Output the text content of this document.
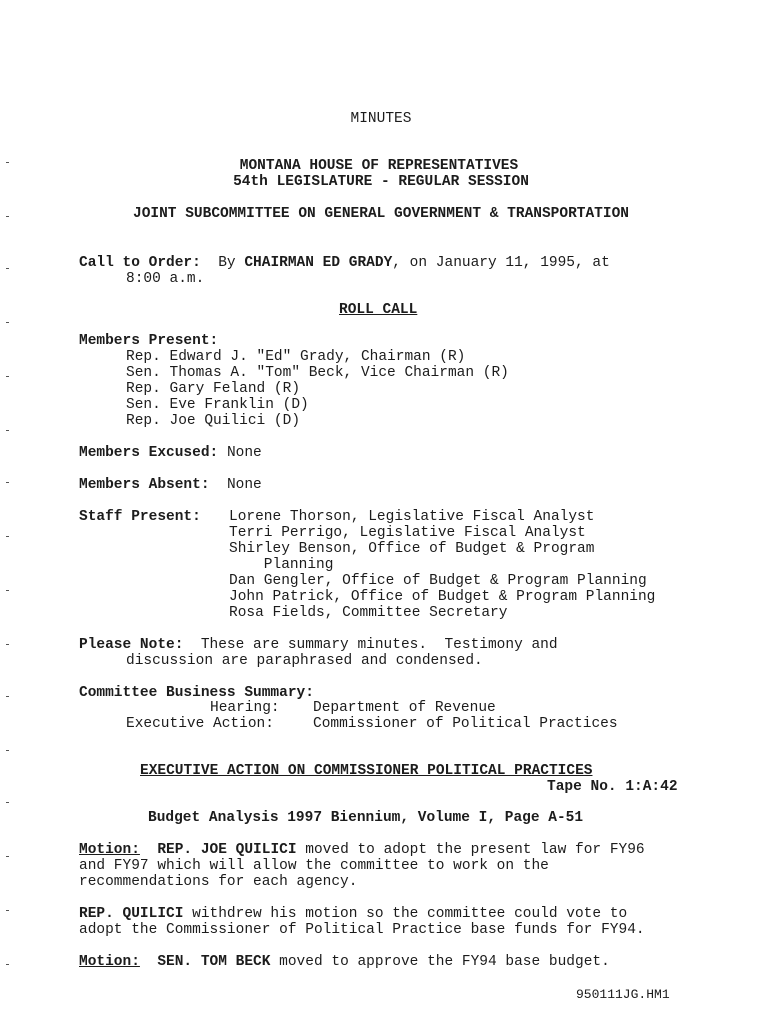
MINUTES
MONTANA HOUSE OF REPRESENTATIVES
54th LEGISLATURE - REGULAR SESSION
JOINT SUBCOMMITTEE ON GENERAL GOVERNMENT & TRANSPORTATION
Call to Order: By CHAIRMAN ED GRADY, on January 11, 1995, at
8:00 a.m.
ROLL CALL
Members Present:
Rep. Edward J. "Ed" Grady, Chairman (R)
Sen. Thomas A. "Tom" Beck, Vice Chairman (R)
Rep. Gary Feland (R)
Sen. Eve Franklin (D)
Rep. Joe Quilici (D)
Members Excused: None
Members Absent: None
Staff Present: Lorene Thorson, Legislative Fiscal Analyst
Terri Perrigo, Legislative Fiscal Analyst
Shirley Benson, Office of Budget & Program
Planning
Dan Gengler, Office of Budget & Program Planning
John Patrick, Office of Budget & Program Planning
Rosa Fields, Committee Secretary
Please Note: These are summary minutes.  Testimony and
discussion are paraphrased and condensed.
Committee Business Summary:
Hearing: Department of Revenue
Executive Action:	Commissioner of Political Practices
EXECUTIVE ACTION ON COMMISSIONER POLITICAL PRACTICES
Tape No. 1:A:42
Budget Analysis 1997 Biennium, Volume I, Page A-51
Motion: REP. JOE QUILICI moved to adopt the present law for FY96
and FY97 which will allow the committee to work on the
recommendations for each agency.
REP. QUILICI withdrew his motion so the committee could vote to
adopt the Commissioner of Political Practice base funds for FY94.
Motion: SEN. TOM BECK moved to approve the FY94 base budget.
950111JG.HM1
